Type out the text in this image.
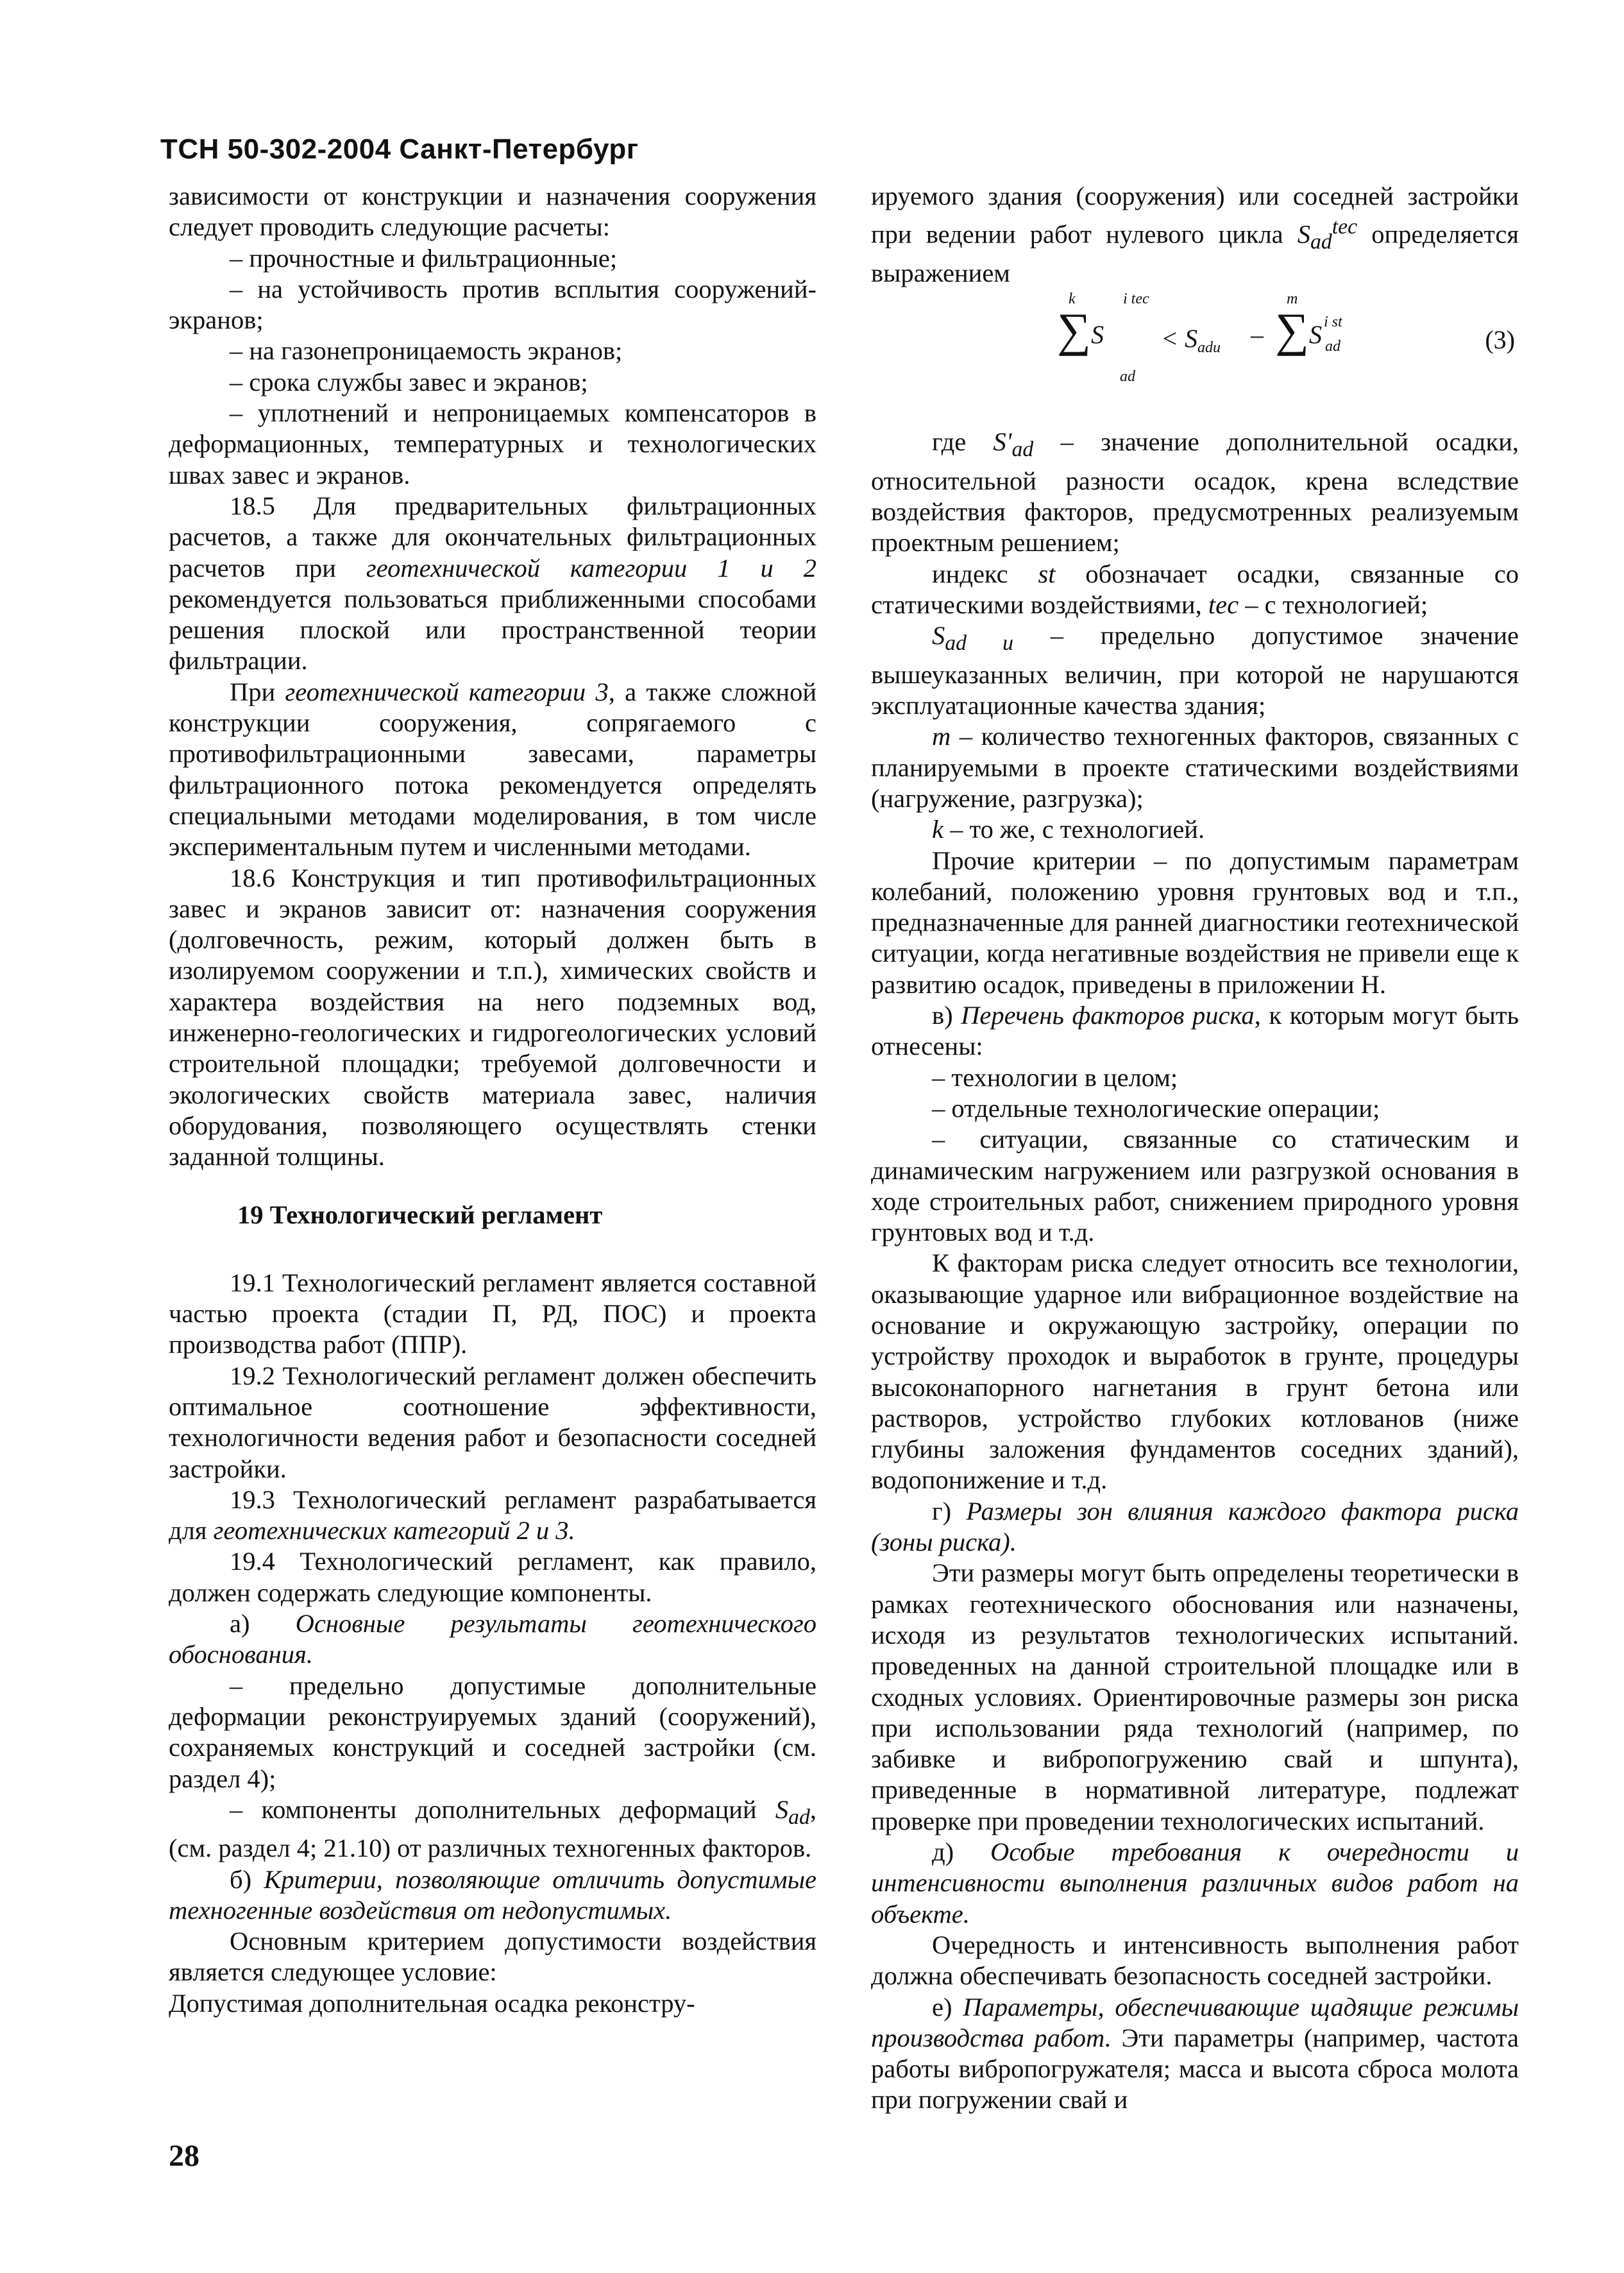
ТСН 50-302-2004 Санкт-Петербург

зависимости от конструкции и назначения сооружения следует проводить следующие расчеты:

– прочностные и фильтрационные;

– на устойчивость против всплытия сооружений-экранов;

– на газонепроницаемость экранов;

– срока службы завес и экранов;

– уплотнений и непроницаемых компенсаторов в деформационных, температурных и технологических швах завес и экранов.

18.5 Для предварительных фильтрационных расчетов, а также для окончательных фильтрационных расчетов при геотехнической категории 1 и 2 рекомендуется пользоваться приближенными способами решения плоской или пространственной теории фильтрации.

При геотехнической категории 3, а также сложной конструкции сооружения, сопрягаемого с противофильтрационными завесами, параметры фильтрационного потока рекомендуется определять специальными методами моделирования, в том числе экспериментальным путем и численными методами.

18.6 Конструкция и тип противофильтрационных завес и экранов зависит от: назначения сооружения (долговечность, режим, который должен быть в изолируемом сооружении и т.п.), химических свойств и характера воздействия на него подземных вод, инженерно-геологических и гидрогеологических условий строительной площадки; требуемой долговечности и экологических свойств материала завес, наличия оборудования, позволяющего осуществлять стенки заданной толщины.

19 Технологический регламент

19.1 Технологический регламент является составной частью проекта (стадии П, РД, ПОС) и проекта производства работ (ППР).

19.2 Технологический регламент должен обеспечить оптимальное соотношение эффективности, технологичности ведения работ и безопасности соседней застройки.

19.3 Технологический регламент разрабатывается для геотехнических категорий 2 и 3.

19.4 Технологический регламент, как правило, должен содержать следующие компоненты.

а) Основные результаты геотехнического обоснования.

– предельно допустимые дополнительные деформации реконструируемых зданий (сооружений), сохраняемых конструкций и соседней застройки (см. раздел 4);

– компоненты дополнительных деформаций $S_{ad}$, (см. раздел 4; 21.10) от различных техногенных факторов.

б) Критерии, позволяющие отличить допустимые техногенные воздействия от недопустимых.

Основным критерием допустимости воздействия является следующее условие:

Допустимая дополнительная осадка реконстру-

ируемого здания (сооружения) или соседней застройки при ведении работ нулевого цикла $S_{ad}^{tec}$ определяется выражением

k	i tec
∑ S
ad
< $S_{adu}$ –
m
∑ S i st
ad	(3)

где $S'_{ad}$ – значение дополнительной осадки, относительной разности осадок, крена вследствие воздействия факторов, предусмотренных реализуемым проектным решением;

индекс st обозначает осадки, связанные со статическими воздействиями, tec – с технологией;

$S_{ad u}$ – предельно допустимое значение вышеуказанных величин, при которой не нарушаются эксплуатационные качества здания;

m – количество техногенных факторов, связанных с планируемыми в проекте статическими воздействиями (нагружение, разгрузка);

k – то же, с технологией.

Прочие критерии – по допустимым параметрам колебаний, положению уровня грунтовых вод и т.п., предназначенные для ранней диагностики геотехнической ситуации, когда негативные воздействия не привели еще к развитию осадок, приведены в приложении Н.

в) Перечень факторов риска, к которым могут быть отнесены:

– технологии в целом;

– отдельные технологические операции;

– ситуации, связанные со статическим и динамическим нагружением или разгрузкой основания в ходе строительных работ, снижением природного уровня грунтовых вод и т.д.

К факторам риска следует относить все технологии, оказывающие ударное или вибрационное воздействие на основание и окружающую застройку, операции по устройству проходок и выработок в грунте, процедуры высоконапорного нагнетания в грунт бетона или растворов, устройство глубоких котлованов (ниже глубины заложения фундаментов соседних зданий), водопонижение и т.д.

г) Размеры зон влияния каждого фактора риска (зоны риска).

Эти размеры могут быть определены теоретически в рамках геотехнического обоснования или назначены, исходя из результатов технологических испытаний. проведенных на данной строительной площадке или в сходных условиях. Ориентировочные размеры зон риска при использовании ряда технологий (например, по забивке и вибропогружению свай и шпунта), приведенные в нормативной литературе, подлежат проверке при проведении технологических испытаний.

д) Особые требования к очередности и интенсивности выполнения различных видов работ на объекте.

Очередность и интенсивность выполнения работ должна обеспечивать безопасность соседней застройки.

е) Параметры, обеспечивающие щадящие режимы производства работ. Эти параметры (например, частота работы вибропогружателя; масса и высота сброса молота при погружении свай и

28
